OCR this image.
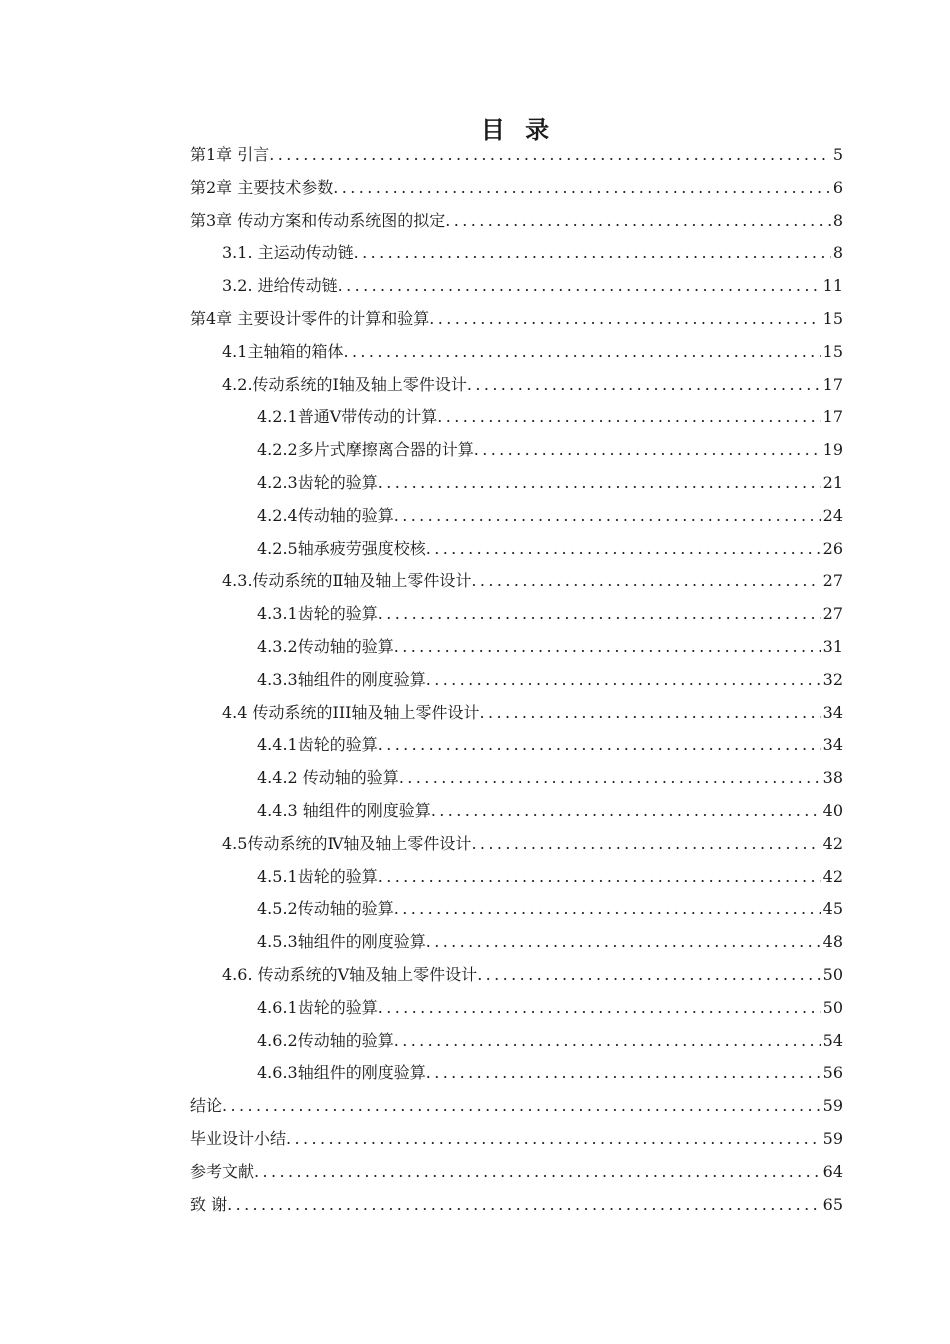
目 录
第1章 引言 .....	5
第2章 主要技术参数 .....	6
第3章 传动方案和传动系统图的拟定 .....	8
3.1. 主运动传动链 .....	8
3.2. 进给传动链 .....	11
第4章 主要设计零件的计算和验算 .....	15
4.1主轴箱的箱体 .....	15
4.2.传动系统的Ⅰ轴及轴上零件设计 .....	17
4.2.1普通V带传动的计算 .....	17
4.2.2多片式摩擦离合器的计算 .....	19
4.2.3齿轮的验算 .....	21
4.2.4传动轴的验算 .....	24
4.2.5轴承疲劳强度校核 .....	26
4.3.传动系统的Ⅱ轴及轴上零件设计 .....	27
4.3.1齿轮的验算 .....	27
4.3.2传动轴的验算 .....	31
4.3.3轴组件的刚度验算 .....	32
4.4 传动系统的III轴及轴上零件设计 .....	34
4.4.1齿轮的验算 .....	34
4.4.2 传动轴的验算 .....	38
4.4.3 轴组件的刚度验算 .....	40
4.5传动系统的Ⅳ轴及轴上零件设计 .....	42
4.5.1齿轮的验算 .....	42
4.5.2传动轴的验算 .....	45
4.5.3轴组件的刚度验算 .....	48
4.6. 传动系统的Ⅴ轴及轴上零件设计 .....	50
4.6.1齿轮的验算 .....	50
4.6.2传动轴的验算 .....	54
4.6.3轴组件的刚度验算 .....	56
结论 .....	59
毕业设计小结 .....	59
参考文献 .....	64
致 谢 .....	65
